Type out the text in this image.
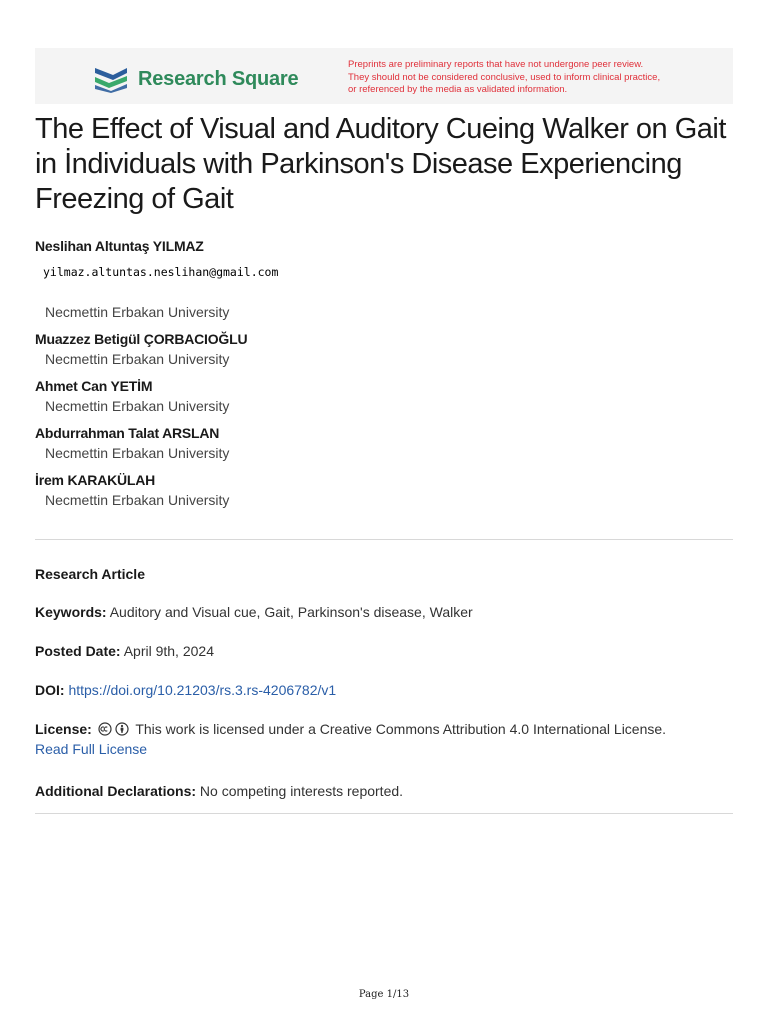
Research Square
Preprints are preliminary reports that have not undergone peer review.
They should not be considered conclusive, used to inform clinical practice,
or referenced by the media as validated information.
The Effect of Visual and Auditory Cueing Walker on Gait in İndividuals with Parkinson's Disease Experiencing Freezing of Gait
Neslihan Altuntaş YILMAZ
yilmaz.altuntas.neslihan@gmail.com
Necmettin Erbakan University
Muazzez Betigül ÇORBACIOĞLU
Necmettin Erbakan University
Ahmet Can YETİM
Necmettin Erbakan University
Abdurrahman Talat ARSLAN
Necmettin Erbakan University
İrem KARAKÜLAH
Necmettin Erbakan University
Research Article
Keywords: Auditory and Visual cue, Gait, Parkinson's disease, Walker
Posted Date: April 9th, 2024
DOI: https://doi.org/10.21203/rs.3.rs-4206782/v1
License:	This work is licensed under a Creative Commons Attribution 4.0 International License.
Read Full License
Additional Declarations: No competing interests reported.
Page 1/13
